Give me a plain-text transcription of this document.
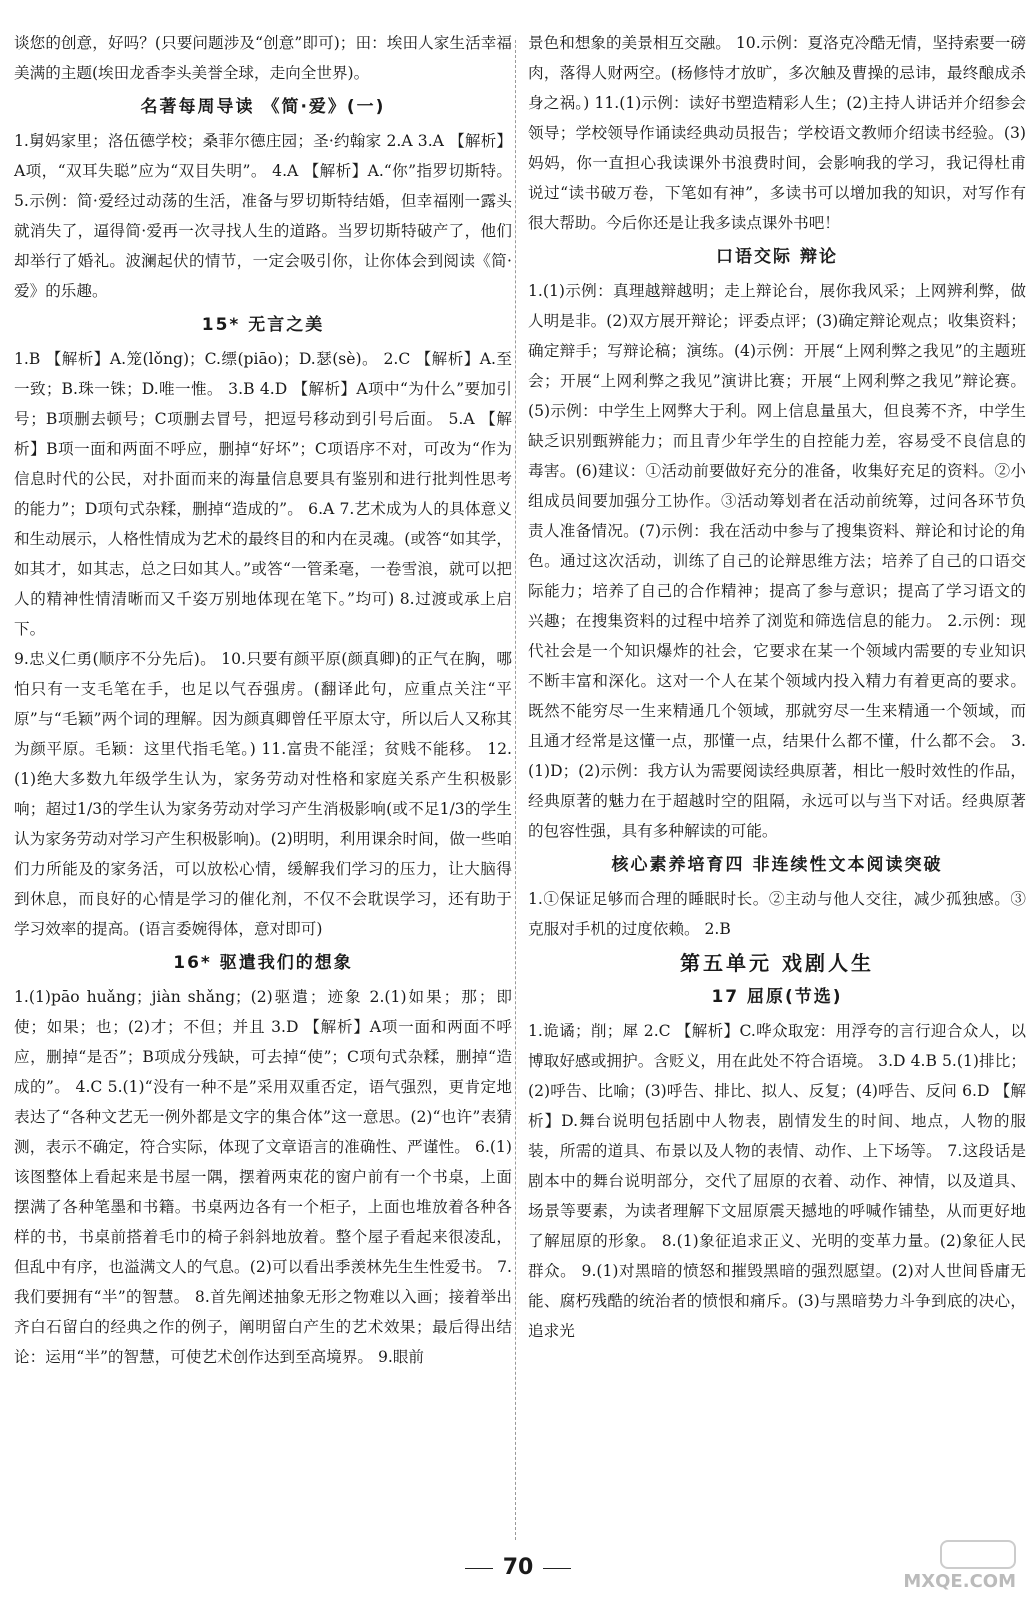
谈您的创意，好吗？(只要问题涉及“创意”即可)；田：埃田人家生活幸福美满的主题(埃田龙香李头美誉全球，走向全世界)。

名著每周导读 《简·爱》(一)

1.舅妈家里；洛伍德学校；桑菲尔德庄园；圣·约翰家 2.A 3.A 【解析】A项，“双耳失聪”应为“双目失明”。 4.A 【解析】A.“你”指罗切斯特。 5.示例：简·爱经过动荡的生活，准备与罗切斯特结婚，但幸福刚一露头就消失了，逼得简·爱再一次寻找人生的道路。当罗切斯特破产了，他们却举行了婚礼。波澜起伏的情节，一定会吸引你，让你体会到阅读《简·爱》的乐趣。

15* 无言之美

1.B 【解析】A.笼(lǒng)；C.缥(piāo)；D.瑟(sè)。 2.C 【解析】A.至一致；B.珠一铢；D.唯一惟。 3.B 4.D 【解析】A项中“为什么”要加引号；B项删去顿号；C项删去冒号，把逗号移动到引号后面。 5.A 【解析】B项一面和两面不呼应，删掉“好坏”；C项语序不对，可改为“作为信息时代的公民，对扑面而来的海量信息要具有鉴别和进行批判性思考的能力”；D项句式杂糅，删掉“造成的”。 6.A 7.艺术成为人的具体意义和生动展示，人格性情成为艺术的最终目的和内在灵魂。(或答“如其学，如其才，如其志，总之曰如其人。”或答“一管柔毫，一卷雪浪，就可以把人的精神性情清晰而又千姿万别地体现在笔下。”均可) 8.过渡或承上启下。

9.忠义仁勇(顺序不分先后)。 10.只要有颜平原(颜真卿)的正气在胸，哪怕只有一支毛笔在手，也足以气吞强虏。(翻译此句，应重点关注“平原”与“毛颖”两个词的理解。因为颜真卿曾任平原太守，所以后人又称其为颜平原。毛颖：这里代指毛笔。) 11.富贵不能淫；贫贱不能移。 12.(1)绝大多数九年级学生认为，家务劳动对性格和家庭关系产生积极影响；超过1/3的学生认为家务劳动对学习产生消极影响(或不足1/3的学生认为家务劳动对学习产生积极影响)。(2)明明，利用课余时间，做一些咱们力所能及的家务活，可以放松心情，缓解我们学习的压力，让大脑得到休息，而良好的心情是学习的催化剂，不仅不会耽误学习，还有助于学习效率的提高。(语言委婉得体，意对即可)

16* 驱遣我们的想象

1.(1)pāo huǎng；jiàn shǎng；(2)驱遣；迹象 2.(1)如果；那；即使；如果；也；(2)才；不但；并且 3.D 【解析】A项一面和两面不呼应，删掉“是否”；B项成分残缺，可去掉“使”；C项句式杂糅，删掉“造成的”。 4.C 5.(1)“没有一种不是”采用双重否定，语气强烈，更肯定地表达了“各种文艺无一例外都是文字的集合体”这一意思。(2)“也许”表猜测，表示不确定，符合实际，体现了文章语言的准确性、严谨性。 6.(1)该图整体上看起来是书屋一隅，摆着两束花的窗户前有一个书桌，上面摆满了各种笔墨和书籍。书桌两边各有一个柜子，上面也堆放着各种各样的书，书桌前搭着毛巾的椅子斜斜地放着。整个屋子看起来很凌乱，但乱中有序，也溢满文人的气息。(2)可以看出季羡林先生生性爱书。 7.我们要拥有“半”的智慧。 8.首先阐述抽象无形之物难以入画；接着举出齐白石留白的经典之作的例子，阐明留白产生的艺术效果；最后得出结论：运用“半”的智慧，可使艺术创作达到至高境界。 9.眼前

景色和想象的美景相互交融。 10.示例：夏洛克冷酷无情，坚持索要一磅肉，落得人财两空。(杨修恃才放旷，多次触及曹操的忌讳，最终酿成杀身之祸。) 11.(1)示例：读好书塑造精彩人生；(2)主持人讲话并介绍参会领导；学校领导作诵读经典动员报告；学校语文教师介绍读书经验。(3)妈妈，你一直担心我读课外书浪费时间，会影响我的学习，我记得杜甫说过“读书破万卷，下笔如有神”，多读书可以增加我的知识，对写作有很大帮助。今后你还是让我多读点课外书吧！

口语交际 辩论

1.(1)示例：真理越辩越明；走上辩论台，展你我风采；上网辨利弊，做人明是非。(2)双方展开辩论；评委点评；(3)确定辩论观点；收集资料；确定辩手；写辩论稿；演练。(4)示例：开展“上网利弊之我见”的主题班会；开展“上网利弊之我见”演讲比赛；开展“上网利弊之我见”辩论赛。(5)示例：中学生上网弊大于利。网上信息量虽大，但良莠不齐，中学生缺乏识别甄辨能力；而且青少年学生的自控能力差，容易受不良信息的毒害。(6)建议：①活动前要做好充分的准备，收集好充足的资料。②小组成员间要加强分工协作。③活动筹划者在活动前统筹，过问各环节负责人准备情况。(7)示例：我在活动中参与了搜集资料、辩论和讨论的角色。通过这次活动，训练了自己的论辩思维方法；培养了自己的口语交际能力；培养了自己的合作精神；提高了参与意识；提高了学习语文的兴趣；在搜集资料的过程中培养了浏览和筛选信息的能力。 2.示例：现代社会是一个知识爆炸的社会，它要求在某一个领域内需要的专业知识不断丰富和深化。这对一个人在某个领域内投入精力有着更高的要求。既然不能穷尽一生来精通几个领域，那就穷尽一生来精通一个领域，而且通才经常是这懂一点，那懂一点，结果什么都不懂，什么都不会。 3.(1)D；(2)示例：我方认为需要阅读经典原著，相比一般时效性的作品，经典原著的魅力在于超越时空的阻隔，永远可以与当下对话。经典原著的包容性强，具有多种解读的可能。

核心素养培育四 非连续性文本阅读突破

1.①保证足够而合理的睡眠时长。②主动与他人交往，减少孤独感。③克服对手机的过度依赖。 2.B

第五单元 戏剧人生
17 屈原(节选)

1.诡谲；削；犀 2.C 【解析】C.哗众取宠：用浮夸的言行迎合众人，以博取好感或拥护。含贬义，用在此处不符合语境。 3.D 4.B 5.(1)排比；(2)呼告、比喻；(3)呼告、排比、拟人、反复；(4)呼告、反问 6.D 【解析】D.舞台说明包括剧中人物表，剧情发生的时间、地点，人物的服装，所需的道具、布景以及人物的表情、动作、上下场等。 7.这段话是剧本中的舞台说明部分，交代了屈原的衣着、动作、神情，以及道具、场景等要素，为读者理解下文屈原震天撼地的呼喊作铺垫，从而更好地了解屈原的形象。 8.(1)象征追求正义、光明的变革力量。(2)象征人民群众。 9.(1)对黑暗的愤怒和摧毁黑暗的强烈愿望。(2)对人世间昏庸无能、腐朽残酷的统治者的愤恨和痛斥。(3)与黑暗势力斗争到底的决心，追求光

70
MXQE.COM
